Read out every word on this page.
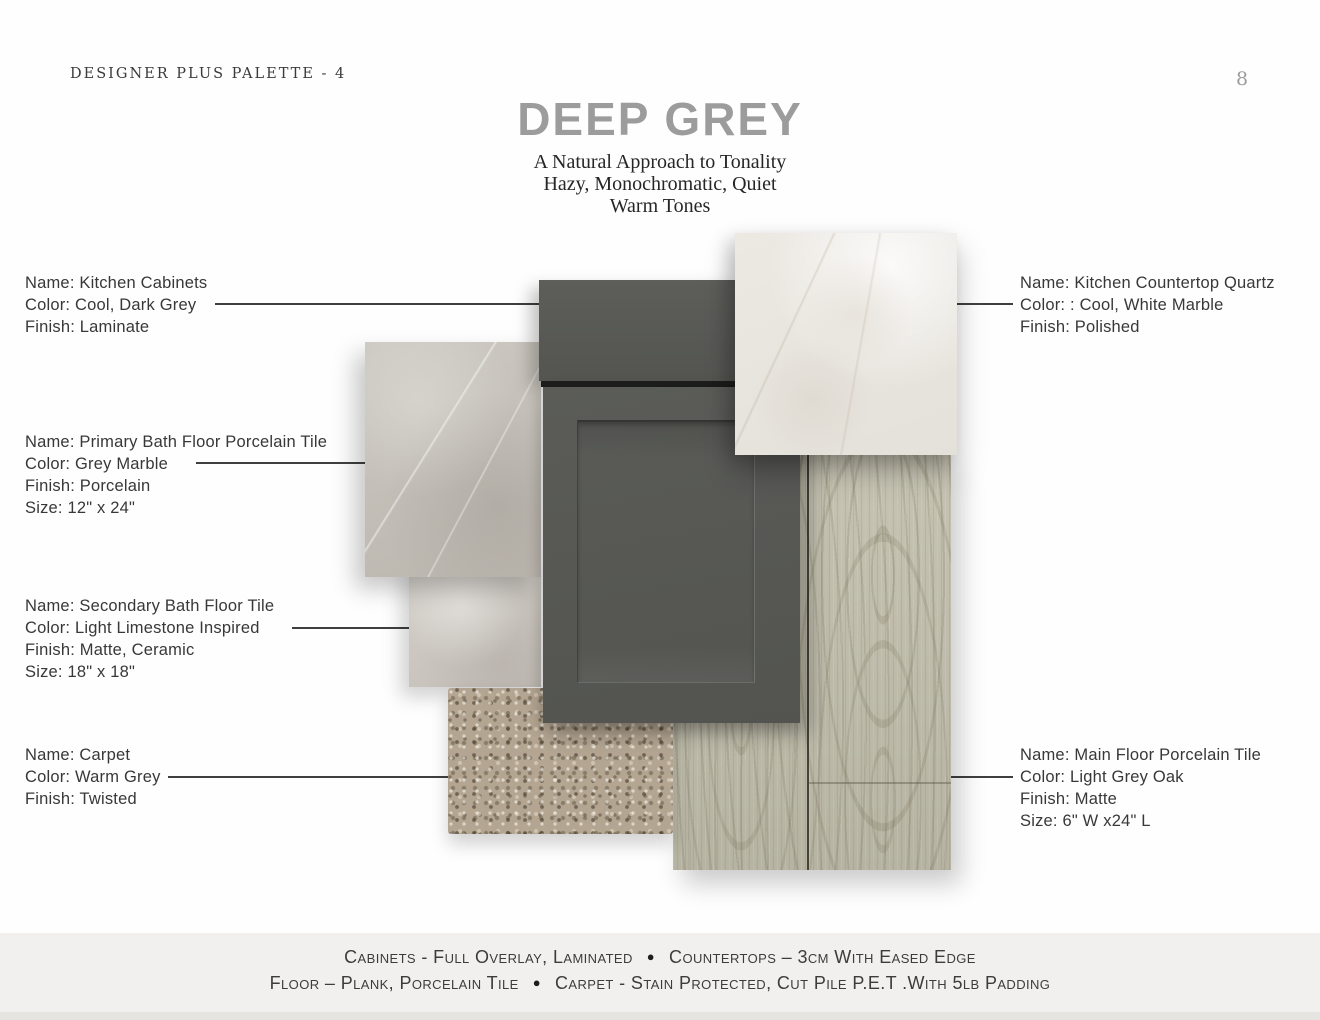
DESIGNER PLUS PALETTE - 4	8
DEEP GREY
A Natural Approach to Tonality
Hazy, Monochromatic, Quiet
Warm Tones
Name: Kitchen Cabinets
Color: Cool, Dark Grey
Finish: Laminate
Name: Primary Bath Floor Porcelain Tile
Color: Grey Marble
Finish: Porcelain
Size: 12" x 24"
Name: Secondary Bath Floor Tile
Color: Light Limestone Inspired
Finish: Matte, Ceramic
Size: 18" x 18"
Name: Carpet
Color: Warm Grey
Finish: Twisted
Name: Kitchen Countertop Quartz
Color: : Cool, White Marble
Finish: Polished
Name: Main Floor Porcelain Tile
Color: Light Grey Oak
Finish: Matte
Size: 6" W x24" L
Cabinets - Full Overlay, Laminated ● Countertops – 3cm With Eased Edge
Floor – Plank, Porcelain Tile ● Carpet - Stain Protected, Cut Pile P.E.T .With 5lb Padding
